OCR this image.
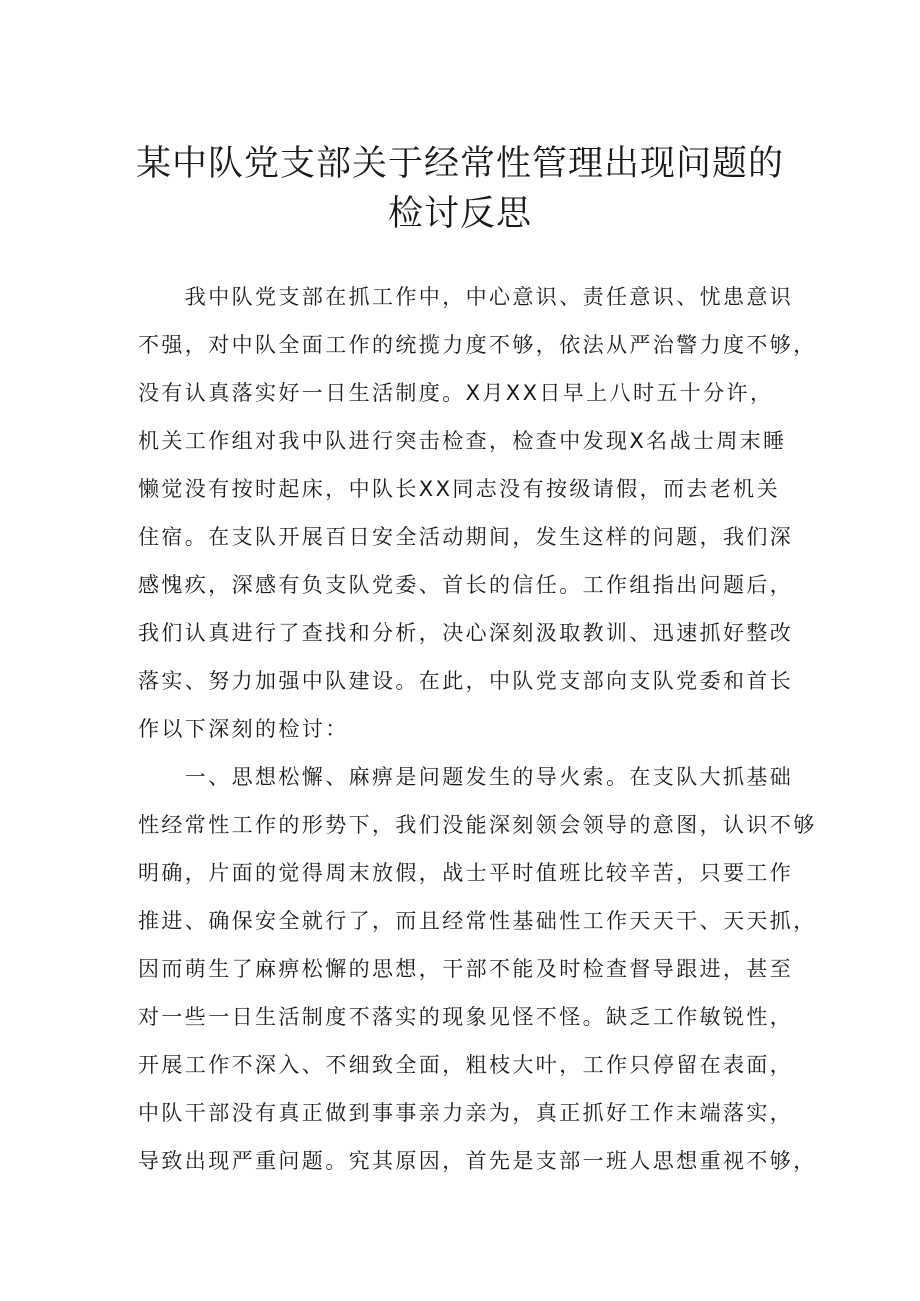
某中队党支部关于经常性管理出现问题的
检讨反思
　　我中队党支部在抓工作中，中心意识、责任意识、忧患意识
不强，对中队全面工作的统揽力度不够，依法从严治警力度不够，
没有认真落实好一日生活制度。X月XX日早上八时五十分许，
机关工作组对我中队进行突击检查，检查中发现X名战士周末睡
懒觉没有按时起床，中队长XX同志没有按级请假，而去老机关
住宿。在支队开展百日安全活动期间，发生这样的问题，我们深
感愧疚，深感有负支队党委、首长的信任。工作组指出问题后，
我们认真进行了查找和分析，决心深刻汲取教训、迅速抓好整改
落实、努力加强中队建设。在此，中队党支部向支队党委和首长
作以下深刻的检讨：
　　一、思想松懈、麻痹是问题发生的导火索。在支队大抓基础
性经常性工作的形势下，我们没能深刻领会领导的意图，认识不够
明确，片面的觉得周末放假，战士平时值班比较辛苦，只要工作
推进、确保安全就行了，而且经常性基础性工作天天干、天天抓，
因而萌生了麻痹松懈的思想，干部不能及时检查督导跟进，甚至
对一些一日生活制度不落实的现象见怪不怪。缺乏工作敏锐性，
开展工作不深入、不细致全面，粗枝大叶，工作只停留在表面，
中队干部没有真正做到事事亲力亲为，真正抓好工作末端落实，
导致出现严重问题。究其原因，首先是支部一班人思想重视不够，
